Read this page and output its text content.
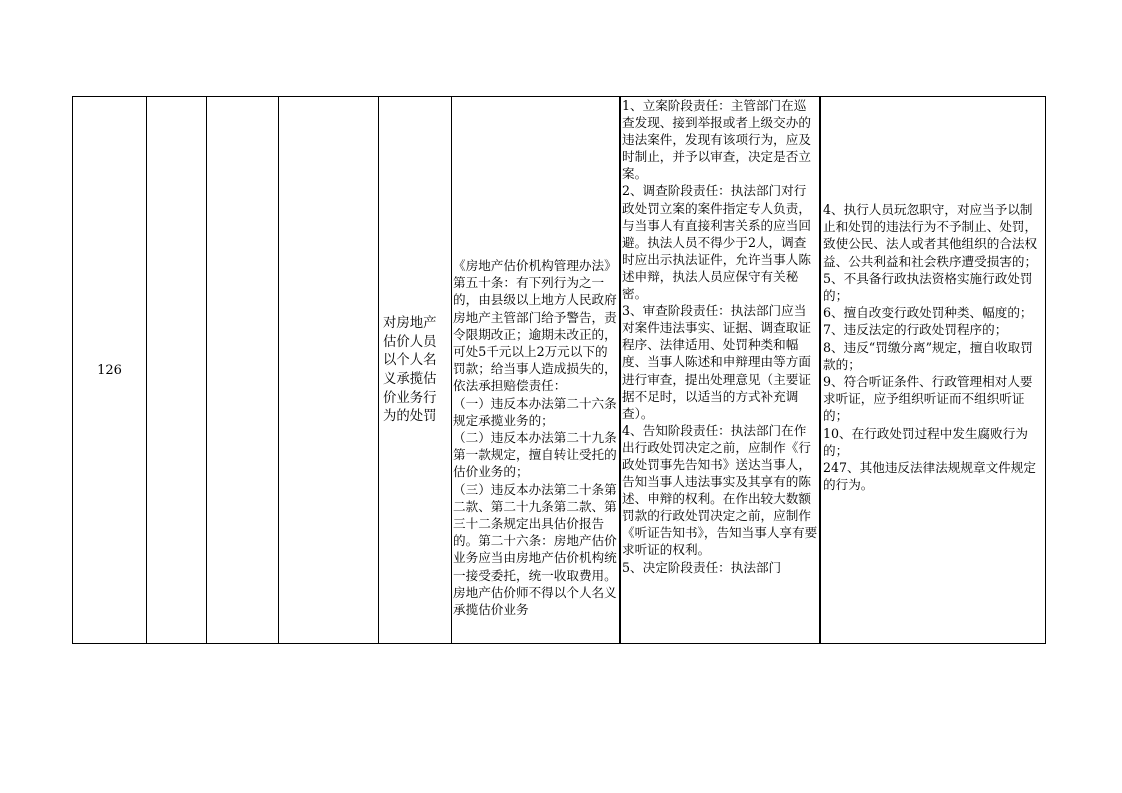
126
对房地产估价人员以个人名义承揽估价业务行为的处罚
《房地产估价机构管理办法》第五十条：有下列行为之一的，由县级以上地方人民政府房地产主管部门给予警告，责令限期改正；逾期未改正的，可处5千元以上2万元以下的罚款；给当事人造成损失的，依法承担赔偿责任：
（一）违反本办法第二十六条规定承揽业务的；
（二）违反本办法第二十九条第一款规定，擅自转让受托的估价业务的；
（三）违反本办法第二十条第二款、第二十九条第二款、第三十二条规定出具估价报告的。第二十六条：房地产估价业务应当由房地产估价机构统一接受委托，统一收取费用。房地产估价师不得以个人名义承揽估价业务
1、立案阶段责任：主管部门在巡查发现、接到举报或者上级交办的违法案件，发现有该项行为，应及时制止，并予以审查，决定是否立案。
2、调查阶段责任：执法部门对行政处罚立案的案件指定专人负责，与当事人有直接利害关系的应当回避。执法人员不得少于2人，调查时应出示执法证件，允许当事人陈述申辩，执法人员应保守有关秘密。
3、审查阶段责任：执法部门应当对案件违法事实、证据、调查取证程序、法律适用、处罚种类和幅度、当事人陈述和申辩理由等方面进行审查，提出处理意见（主要证据不足时，以适当的方式补充调查）。
4、告知阶段责任：执法部门在作出行政处罚决定之前，应制作《行政处罚事先告知书》送达当事人，告知当事人违法事实及其享有的陈述、申辩的权利。在作出较大数额罚款的行政处罚决定之前，应制作《听证告知书》，告知当事人享有要求听证的权利。
5、决定阶段责任：执法部门
4、执行人员玩忽职守，对应当予以制止和处罚的违法行为不予制止、处罚，致使公民、法人或者其他组织的合法权益、公共利益和社会秩序遭受损害的；
5、不具备行政执法资格实施行政处罚的；
6、擅自改变行政处罚种类、幅度的；
7、违反法定的行政处罚程序的；
8、违反“罚缴分离”规定，擅自收取罚款的；
9、符合听证条件、行政管理相对人要求听证，应予组织听证而不组织听证的；
10、在行政处罚过程中发生腐败行为的；
247、其他违反法律法规规章文件规定的行为。
